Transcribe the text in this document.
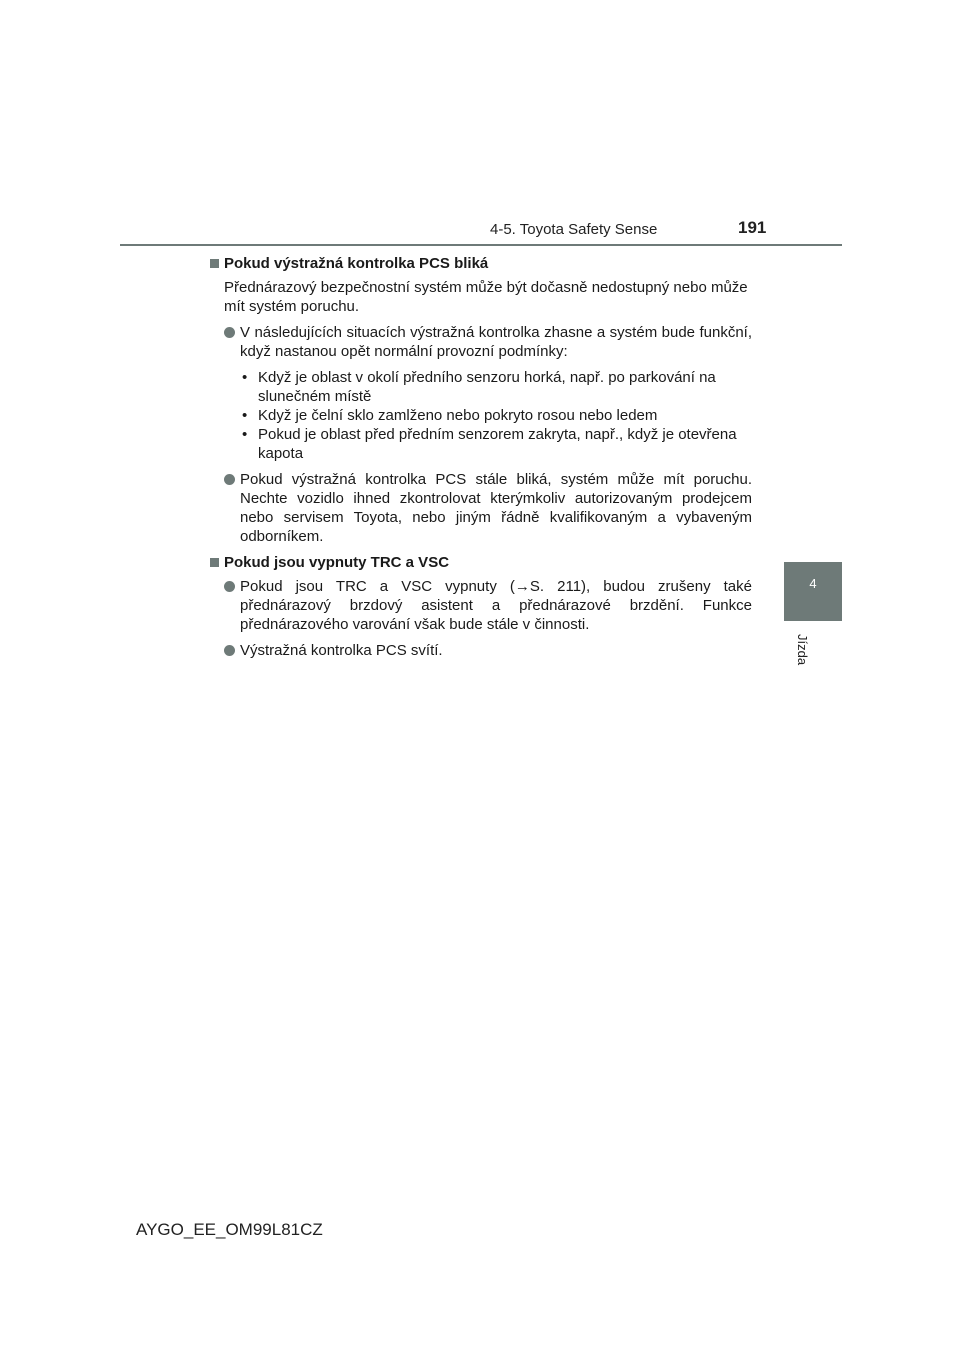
4-5. Toyota Safety Sense	191
4
Jízda
Pokud výstražná kontrolka PCS bliká
Přednárazový bezpečnostní systém může být dočasně nedostupný nebo může mít systém poruchu.
V následujících situacích výstražná kontrolka zhasne a systém bude funkční, když nastanou opět normální provozní podmínky:
• Když je oblast v okolí předního senzoru horká, např. po parkování na slunečném místě
• Když je čelní sklo zamlženo nebo pokryto rosou nebo ledem
• Pokud je oblast před předním senzorem zakryta, např., když je otevřena kapota
Pokud výstražná kontrolka PCS stále bliká, systém může mít poruchu. Nechte vozidlo ihned zkontrolovat kterýmkoliv autorizovaným prodejcem nebo servisem Toyota, nebo jiným řádně kvalifikovaným a vybaveným odborníkem.
Pokud jsou vypnuty TRC a VSC
Pokud jsou TRC a VSC vypnuty (→S. 211), budou zrušeny také přednárazový brzdový asistent a přednárazové brzdění. Funkce přednárazového varování však bude stále v činnosti.
Výstražná kontrolka PCS svítí.
AYGO_EE_OM99L81CZ
